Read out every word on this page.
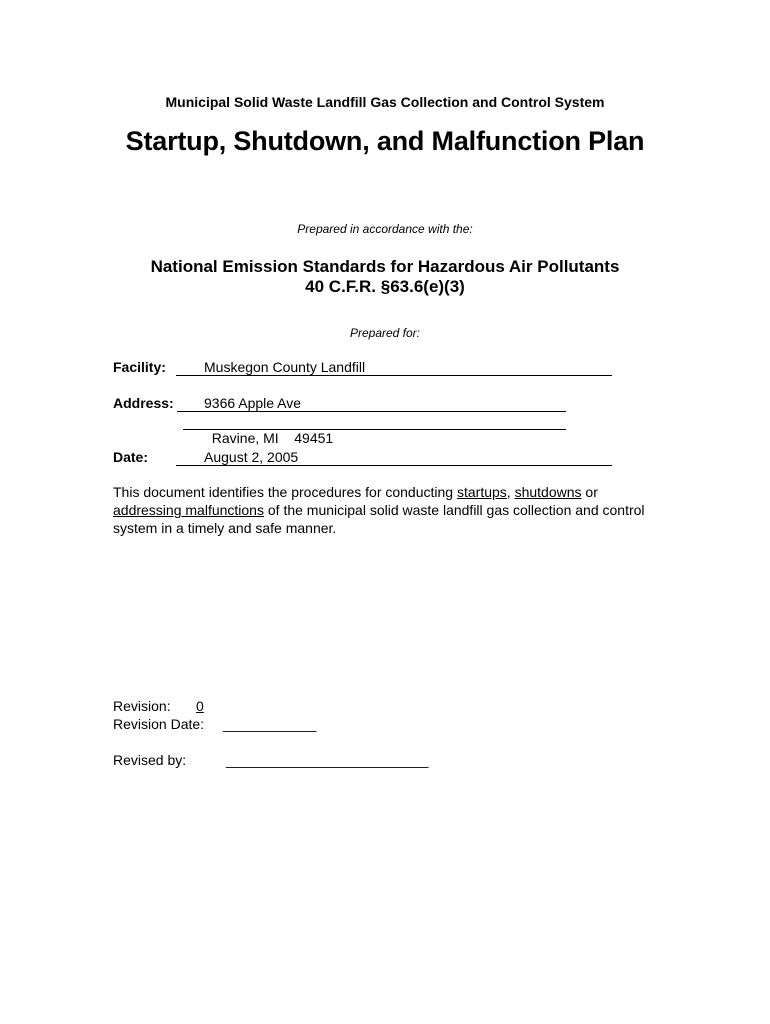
Municipal Solid Waste Landfill Gas Collection and Control System
Startup, Shutdown, and Malfunction Plan
Prepared in accordance with the:
National Emission Standards for Hazardous Air Pollutants
40 C.F.R. §63.6(e)(3)
Prepared for:
Facility:	Muskegon County Landfill
Address:	9366 Apple Ave

Ravine, MI    49451

Date:	August 2, 2005
This document identifies the procedures for conducting startups, shutdowns or addressing malfunctions of the municipal solid waste landfill gas collection and control system in a timely and safe manner.
Revision: 0
Revision Date: ____________
Revised by:	__________________________
